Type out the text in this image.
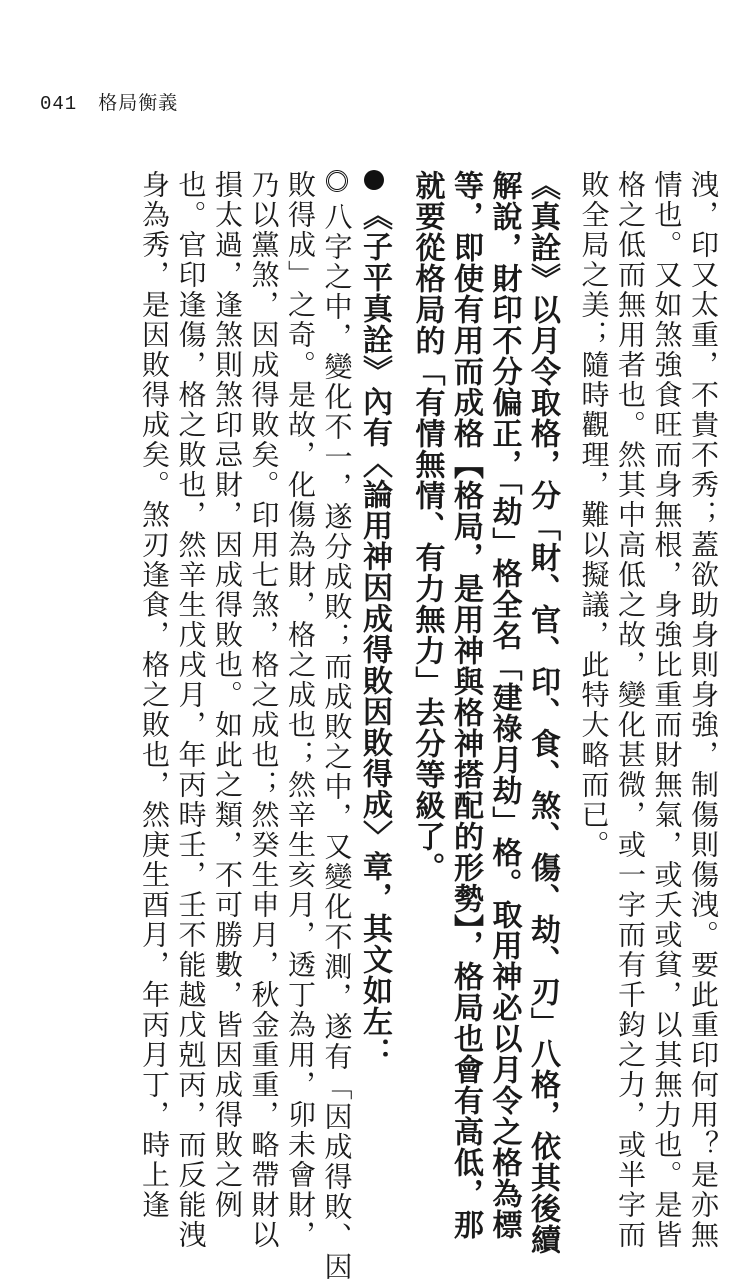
041 格局衡義
洩，印又太重，不貴不秀；蓋欲助身則身強，制傷則傷洩。要此重印何用？是亦無
情也。又如煞強食旺而身無根，身強比重而財無氣，或夭或貧，以其無力也。是皆
格之低而無用者也。然其中高低之故，變化甚微，或一字而有千鈞之力，或半字而
敗全局之美；隨時觀理，難以擬議，此特大略而已。
《真詮》以月令取格，分「財、官、印、食、煞、傷、劫、刃」八格，依其後續
解說，財印不分偏正，「劫」格全名「建祿月劫」格。取用神必以月令之格為標
等，即使有用而成格【格局，是用神與格神搭配的形勢】，格局也會有高低，那
就要從格局的「有情無情、有力無力」去分等級了。
《子平真詮》內有〈論用神因成得敗因敗得成〉章，其文如左：
八字之中，變化不一，遂分成敗；而成敗之中，又變化不測，遂有「因成得敗、因
敗得成」之奇。是故，化傷為財，格之成也；然辛生亥月，透丁為用，卯未會財，
乃以黨煞，因成得敗矣。印用七煞，格之成也；然癸生申月，秋金重重，略帶財以
損太過，逢煞則煞印忌財，因成得敗也。如此之類，不可勝數，皆因成得敗之例
也。官印逢傷，格之敗也，然辛生戊戌月，年丙時壬，壬不能越戊剋丙，而反能洩
身為秀，是因敗得成矣。煞刃逢食，格之敗也，然庚生酉月，年丙月丁，時上逢
